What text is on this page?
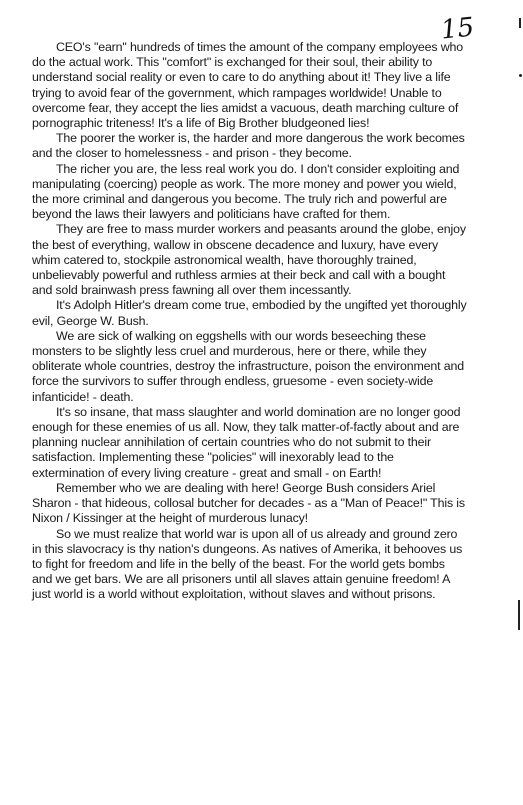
15

CEO's "earn" hundreds of times the amount of the company employees who do the actual work. This "comfort" is exchanged for their soul, their ability to understand social reality or even to care to do anything about it! They live a life trying to avoid fear of the government, which rampages worldwide! Unable to overcome fear, they accept the lies amidst a vacuous, death marching culture of pornographic triteness! It's a life of Big Brother bludgeoned lies!

The poorer the worker is, the harder and more dangerous the work becomes and the closer to homelessness - and prison - they become.

The richer you are, the less real work you do. I don't consider exploiting and manipulating (coercing) people as work. The more money and power you wield, the more criminal and dangerous you become. The truly rich and powerful are beyond the laws their lawyers and politicians have crafted for them.

They are free to mass murder workers and peasants around the globe, enjoy the best of everything, wallow in obscene decadence and luxury, have every whim catered to, stockpile astronomical wealth, have thoroughly trained, unbelievably powerful and ruthless armies at their beck and call with a bought and sold brainwash press fawning all over them incessantly.

It's Adolph Hitler's dream come true, embodied by the ungifted yet thoroughly evil, George W. Bush.

We are sick of walking on eggshells with our words beseeching these monsters to be slightly less cruel and murderous, here or there, while they obliterate whole countries, destroy the infrastructure, poison the environment and force the survivors to suffer through endless, gruesome - even society-wide infanticide! - death.

It's so insane, that mass slaughter and world domination are no longer good enough for these enemies of us all. Now, they talk matter-of-factly about and are planning nuclear annihilation of certain countries who do not submit to their satisfaction. Implementing these "policies" will inexorably lead to the extermination of every living creature - great and small - on Earth!

Remember who we are dealing with here! George Bush considers Ariel Sharon - that hideous, collosal butcher for decades - as a "Man of Peace!" This is Nixon / Kissinger at the height of murderous lunacy!

So we must realize that world war is upon all of us already and ground zero in this slavocracy is thy nation's dungeons. As natives of Amerika, it behooves us to fight for freedom and life in the belly of the beast. For the world gets bombs and we get bars. We are all prisoners until all slaves attain genuine freedom! A just world is a world without exploitation, without slaves and without prisons.
